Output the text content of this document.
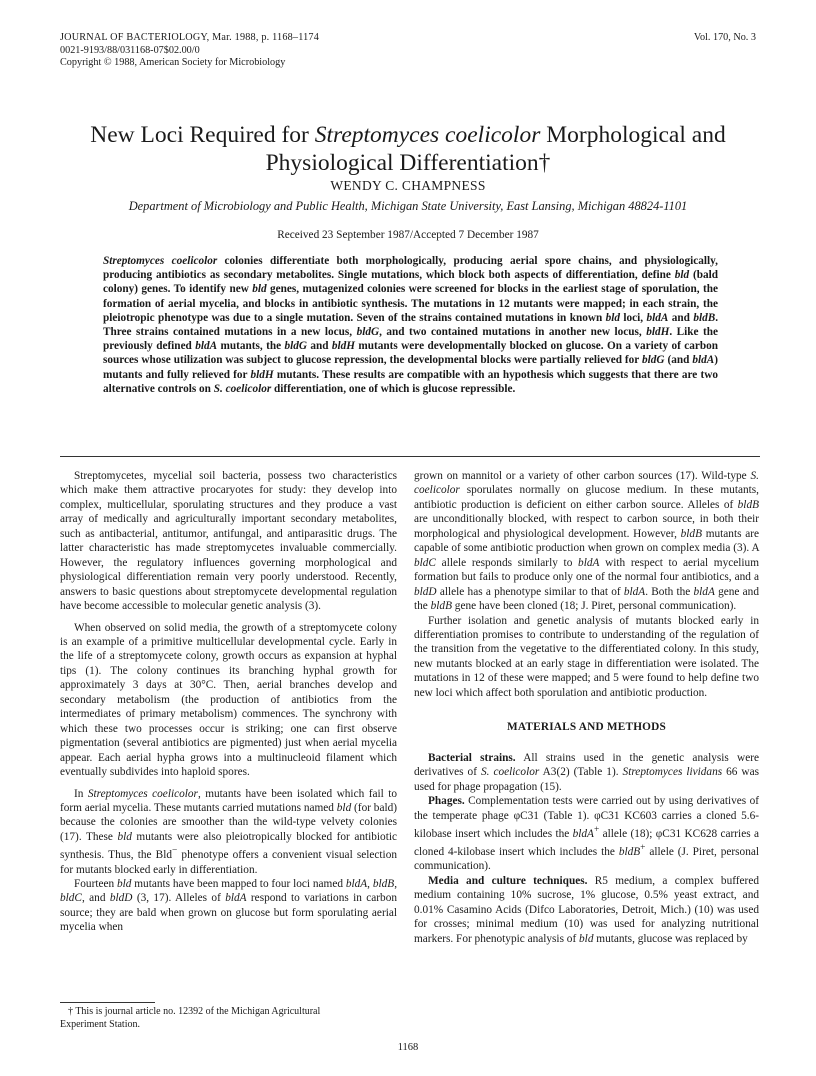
JOURNAL OF BACTERIOLOGY, Mar. 1988, p. 1168–1174
0021-9193/88/031168-07$02.00/0
Copyright © 1988, American Society for Microbiology
Vol. 170, No. 3
New Loci Required for Streptomyces coelicolor Morphological and Physiological Differentiation†
WENDY C. CHAMPNESS
Department of Microbiology and Public Health, Michigan State University, East Lansing, Michigan 48824-1101
Received 23 September 1987/Accepted 7 December 1987

Streptomyces coelicolor colonies differentiate both morphologically, producing aerial spore chains, and physiologically, producing antibiotics as secondary metabolites. Single mutations, which block both aspects of differentiation, define bld (bald colony) genes. To identify new bld genes, mutagenized colonies were screened for blocks in the earliest stage of sporulation, the formation of aerial mycelia, and blocks in antibiotic synthesis. The mutations in 12 mutants were mapped; in each strain, the pleiotropic phenotype was due to a single mutation. Seven of the strains contained mutations in known bld loci, bldA and bldB. Three strains contained mutations in a new locus, bldG, and two contained mutations in another new locus, bldH. Like the previously defined bldA mutants, the bldG and bldH mutants were developmentally blocked on glucose. On a variety of carbon sources whose utilization was subject to glucose repression, the developmental blocks were partially relieved for bldG (and bldA) mutants and fully relieved for bldH mutants. These results are compatible with an hypothesis which suggests that there are two alternative controls on S. coelicolor differentiation, one of which is glucose repressible.

Streptomycetes, mycelial soil bacteria, possess two characteristics which make them attractive procaryotes for study: they develop into complex, multicellular, sporulating structures and they produce a vast array of medically and agriculturally important secondary metabolites, such as antibacterial, antitumor, antifungal, and antiparasitic drugs. The latter characteristic has made streptomycetes invaluable commercially. However, the regulatory influences governing morphological and physiological differentiation remain very poorly understood. Recently, answers to basic questions about streptomycete developmental regulation have become accessible to molecular genetic analysis (3).

When observed on solid media, the growth of a streptomycete colony is an example of a primitive multicellular developmental cycle. Early in the life of a streptomycete colony, growth occurs as expansion at hyphal tips (1). The colony continues its branching hyphal growth for approximately 3 days at 30°C. Then, aerial branches develop and secondary metabolism (the production of antibiotics from the intermediates of primary metabolism) commences. The synchrony with which these two processes occur is striking; one can first observe pigmentation (several antibiotics are pigmented) just when aerial mycelia appear. Each aerial hypha grows into a multinucleoid filament which eventually subdivides into haploid spores.

In Streptomyces coelicolor, mutants have been isolated which fail to form aerial mycelia. These mutants carried mutations named bld (for bald) because the colonies are smoother than the wild-type velvety colonies (17). These bld mutants were also pleiotropically blocked for antibiotic synthesis. Thus, the Bld− phenotype offers a convenient visual selection for mutants blocked early in differentiation.

Fourteen bld mutants have been mapped to four loci named bldA, bldB, bldC, and bldD (3, 17). Alleles of bldA respond to variations in carbon source; they are bald when grown on glucose but form sporulating aerial mycelia when

grown on mannitol or a variety of other carbon sources (17). Wild-type S. coelicolor sporulates normally on glucose medium. In these mutants, antibiotic production is deficient on either carbon source. Alleles of bldB are unconditionally blocked, with respect to carbon source, in both their morphological and physiological development. However, bldB mutants are capable of some antibiotic production when grown on complex media (3). A bldC allele responds similarly to bldA with respect to aerial mycelium formation but fails to produce only one of the normal four antibiotics, and a bldD allele has a phenotype similar to that of bldA. Both the bldA gene and the bldB gene have been cloned (18; J. Piret, personal communication).

Further isolation and genetic analysis of mutants blocked early in differentiation promises to contribute to understanding of the regulation of the transition from the vegetative to the differentiated colony. In this study, new mutants blocked at an early stage in differentiation were isolated. The mutations in 12 of these were mapped; and 5 were found to help define two new loci which affect both sporulation and antibiotic production.

MATERIALS AND METHODS

Bacterial strains. All strains used in the genetic analysis were derivatives of S. coelicolor A3(2) (Table 1). Streptomyces lividans 66 was used for phage propagation (15).

Phages. Complementation tests were carried out by using derivatives of the temperate phage φC31 (Table 1). φC31 KC603 carries a cloned 5.6-kilobase insert which includes the bldA+ allele (18); φC31 KC628 carries a cloned 4-kilobase insert which includes the bldB+ allele (J. Piret, personal communication).

Media and culture techniques. R5 medium, a complex buffered medium containing 10% sucrose, 1% glucose, 0.5% yeast extract, and 0.01% Casamino Acids (Difco Laboratories, Detroit, Mich.) (10) was used for crosses; minimal medium (10) was used for analyzing nutritional markers. For phenotypic analysis of bld mutants, glucose was replaced by

† This is journal article no. 12392 of the Michigan Agricultural
Experiment Station.
1168
